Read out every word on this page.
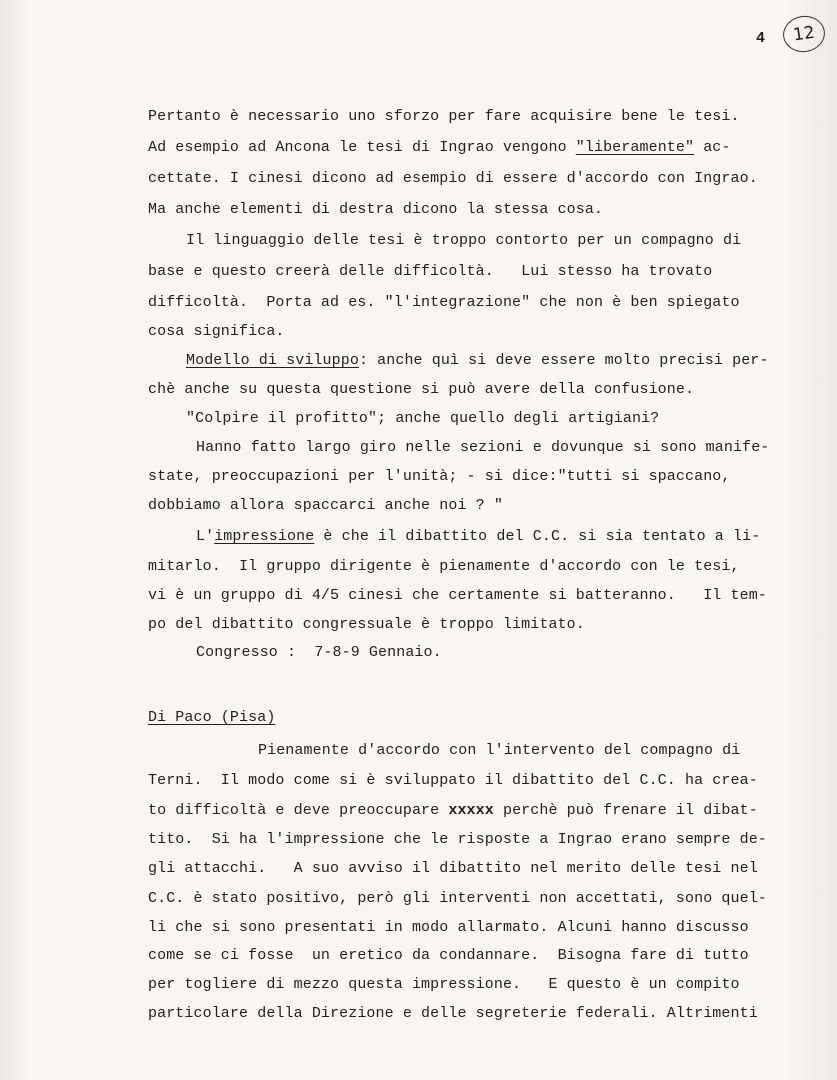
4	12
Pertanto è necessario uno sforzo per fare acquisire bene le tesi.
Ad esempio ad Ancona le tesi di Ingrao vengono "liberamente" ac-
cettate. I cinesi dicono ad esempio di essere d'accordo con Ingrao.
Ma anche elementi di destra dicono la stessa cosa.
Il linguaggio delle tesi è troppo contorto per un compagno di
base e questo creerà delle difficoltà.   Lui stesso ha trovato
difficoltà.  Porta ad es. "l'integrazione" che non è ben spiegato
cosa significa.
Modello di sviluppo: anche quì si deve essere molto precisi per-
chè anche su questa questione si può avere della confusione.
"Colpire il profitto"; anche quello degli artigiani?
Hanno fatto largo giro nelle sezioni e dovunque si sono manife-
state, preoccupazioni per l'unità; - si dice:"tutti si spaccano,
dobbiamo allora spaccarci anche noi ? "
L'impressione è che il dibattito del C.C. si sia tentato a li-
mitarlo.  Il gruppo dirigente è pienamente d'accordo con le tesi,
vi è un gruppo di 4/5 cinesi che certamente si batteranno.   Il tem-
po del dibattito congressuale è troppo limitato.
Congresso :  7-8-9 Gennaio.
Di Paco (Pisa)
Pienamente d'accordo con l'intervento del compagno di
Terni.  Il modo come si è sviluppato il dibattito del C.C. ha crea-
to difficoltà e deve preoccupare xxxxx perchè può frenare il dibat-
tito.  Si ha l'impressione che le risposte a Ingrao erano sempre de-
gli attacchi.   A suo avviso il dibattito nel merito delle tesi nel
C.C. è stato positivo, però gli interventi non accettati, sono quel-
li che si sono presentati in modo allarmato. Alcuni hanno discusso
come se ci fosse  un eretico da condannare.  Bisogna fare di tutto
per togliere di mezzo questa impressione.   E questo è un compito
particolare della Direzione e delle segreterie federali. Altrimenti
